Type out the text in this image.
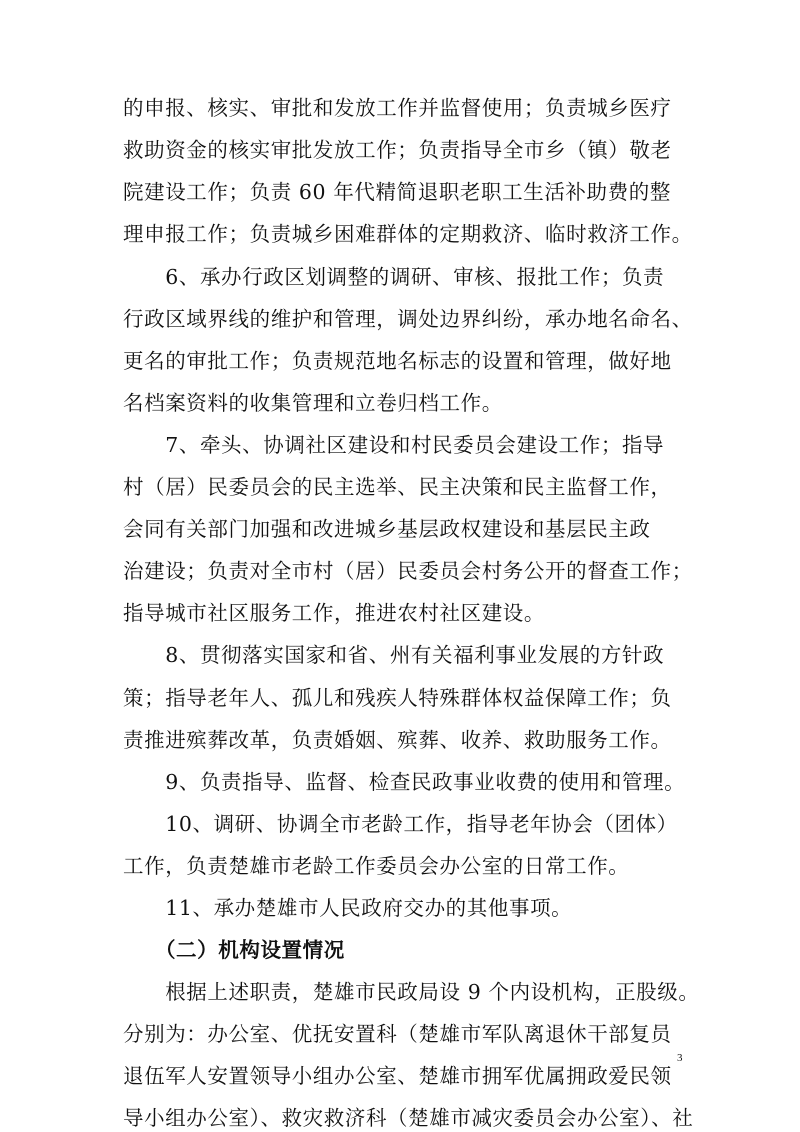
的申报、核实、审批和发放工作并监督使用；负责城乡医疗
救助资金的核实审批发放工作；负责指导全市乡（镇）敬老
院建设工作；负责 60 年代精简退职老职工生活补助费的整
理申报工作；负责城乡困难群体的定期救济、临时救济工作。
　　6、承办行政区划调整的调研、审核、报批工作；负责
行政区域界线的维护和管理，调处边界纠纷，承办地名命名、
更名的审批工作；负责规范地名标志的设置和管理，做好地
名档案资料的收集管理和立卷归档工作。
　　7、牵头、协调社区建设和村民委员会建设工作；指导
村（居）民委员会的民主选举、民主决策和民主监督工作，
会同有关部门加强和改进城乡基层政权建设和基层民主政
治建设；负责对全市村（居）民委员会村务公开的督查工作；
指导城市社区服务工作，推进农村社区建设。
　　8、贯彻落实国家和省、州有关福利事业发展的方针政
策；指导老年人、孤儿和残疾人特殊群体权益保障工作；负
责推进殡葬改革，负责婚姻、殡葬、收养、救助服务工作。
　　9、负责指导、监督、检查民政事业收费的使用和管理。
　　10、调研、协调全市老龄工作，指导老年协会（团体）
工作，负责楚雄市老龄工作委员会办公室的日常工作。
　　11、承办楚雄市人民政府交办的其他事项。
　　（二）机构设置情况
　　根据上述职责，楚雄市民政局设 9 个内设机构，正股级。
分别为：办公室、优抚安置科（楚雄市军队离退休干部复员
退伍军人安置领导小组办公室、楚雄市拥军优属拥政爱民领
导小组办公室）、救灾救济科（楚雄市减灾委员会办公室）、社
3
